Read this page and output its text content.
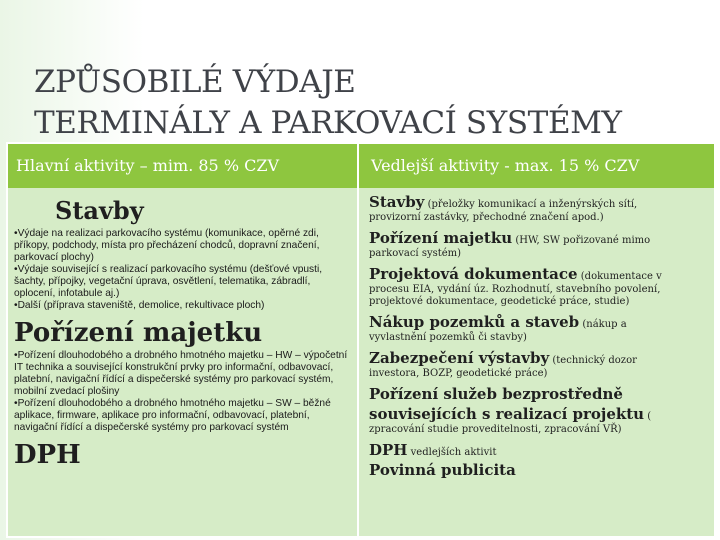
ZPŮSOBILÉ VÝDAJE
TERMINÁLY A PARKOVACÍ SYSTÉMY
Hlavní aktivity – mim. 85 % CZV	Vedlejší aktivity - max. 15 % CZV
Stavby
•Výdaje na realizaci parkovacího systému (komunikace, opěrné zdi, příkopy, podchody, místa pro přecházení chodců, dopravní značení, parkovací plochy)
•Výdaje související s realizací parkovacího systému (dešťové vpusti, šachty, přípojky, vegetační úprava, osvětlení, telematika, zábradlí, oplocení, infotabule aj.)
•Další (příprava staveniště, demolice, rekultivace ploch)
Pořízení majetku
•Pořízení dlouhodobého a drobného hmotného majetku – HW – výpočetní IT technika a související konstrukční prvky pro informační, odbavovací, platební, navigační řídící a dispečerské systémy pro parkovací systém, mobilní zvedací plošiny
•Pořízení dlouhodobého a drobného hmotného majetku – SW – běžné aplikace, firmware, aplikace pro informační, odbavovací, platební, navigační řídící a dispečerské systémy pro parkovací systém
DPH
Stavby (přeložky komunikací a inženýrských sítí,
provizorní zastávky, přechodné značení apod.)
Pořízení majetku (HW, SW pořizované mimo
parkovací systém)
Projektová dokumentace (dokumentace v
procesu EIA, vydání úz. Rozhodnutí, stavebního povolení, projektové dokumentace, geodetické práce, studie)
Nákup pozemků a staveb (nákup a
vyvlastnění pozemků či stavby)
Zabezpečení výstavby (technický dozor
investora, BOZP, geodetické práce)
Pořízení služeb bezprostředně souvisejících s realizací projektu (
zpracování studie proveditelnosti, zpracování VŘ)
DPH vedlejších aktivit
Povinná publicita
